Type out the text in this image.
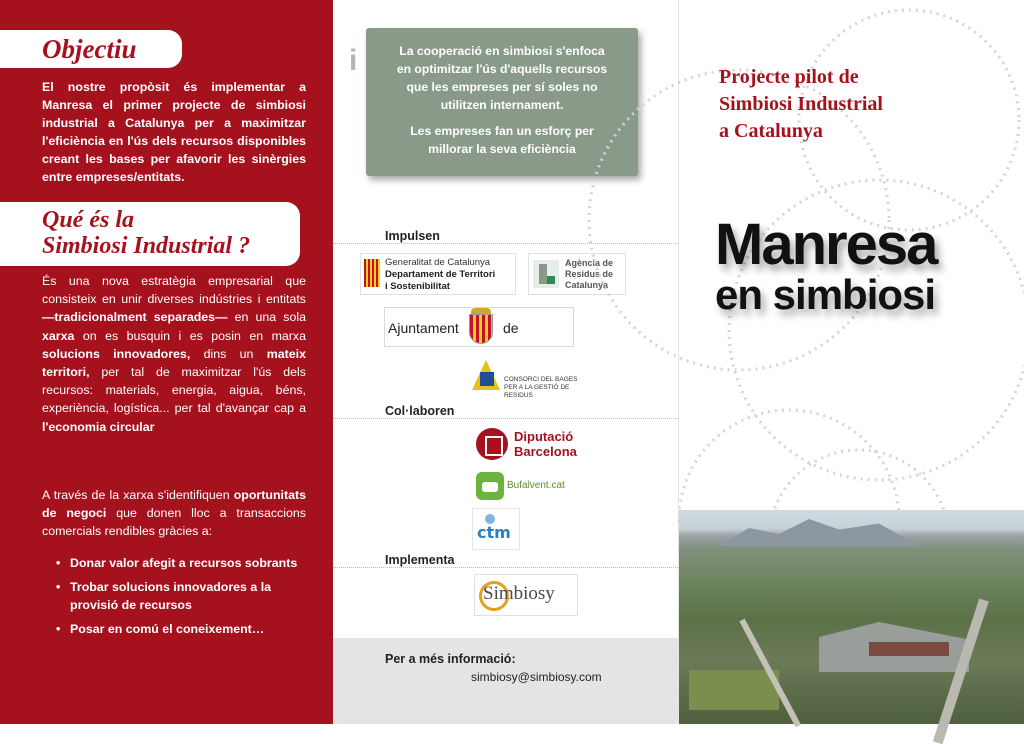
Objectiu
El nostre propòsit és implementar a Manresa el primer projecte de simbiosi industrial a Catalunya per a maximitzar l'eficiència en l'ús dels recursos disponibles creant les bases per afavorir les sinèrgies entre empreses/entitats.
Qué és la
Simbiosi Industrial ?
És una nova estratègia empresarial que consisteix en unir diverses indústries i entitats —tradicionalment separades— en una sola xarxa on es busquin i es posin en marxa solucions innovadores, dins un mateix territori, per tal de maximitzar l'ús dels recursos: materials, energia, aigua, béns, experiència, logística... per tal d'avançar cap a l'economia circular
A través de la xarxa s'identifiquen oportunitats de negoci que donen lloc a transaccions comercials rendibles gràcies a:
• Donar valor afegit a recursos sobrants
• Trobar solucions innovadores a la provisió de recursos
• Posar en comú el coneixement…
i	La cooperació en simbiosi s'enfoca en optimitzar l'ús d'aquells recursos que les empreses per sí soles no utilitzen internament.

Les empreses fan un esforç per millorar la seva eficiència

Impulsen
Generalitat de Catalunya
Departament de Territori
i Sostenibilitat
Agència de
Residus de
Catalunya
Ajuntament	de
CONSORCI DEL BAGES
PER A LA GESTIÓ DE RESIDUS
Col·laboren
Diputació
Barcelona
Bufalvent.cat
ctm
Implementa
Simbiosy
Per a més informació:
simbiosy@simbiosy.com
Projecte pilot de
Simbiosi Industrial
a Catalunya
Manresa
en simbiosi
